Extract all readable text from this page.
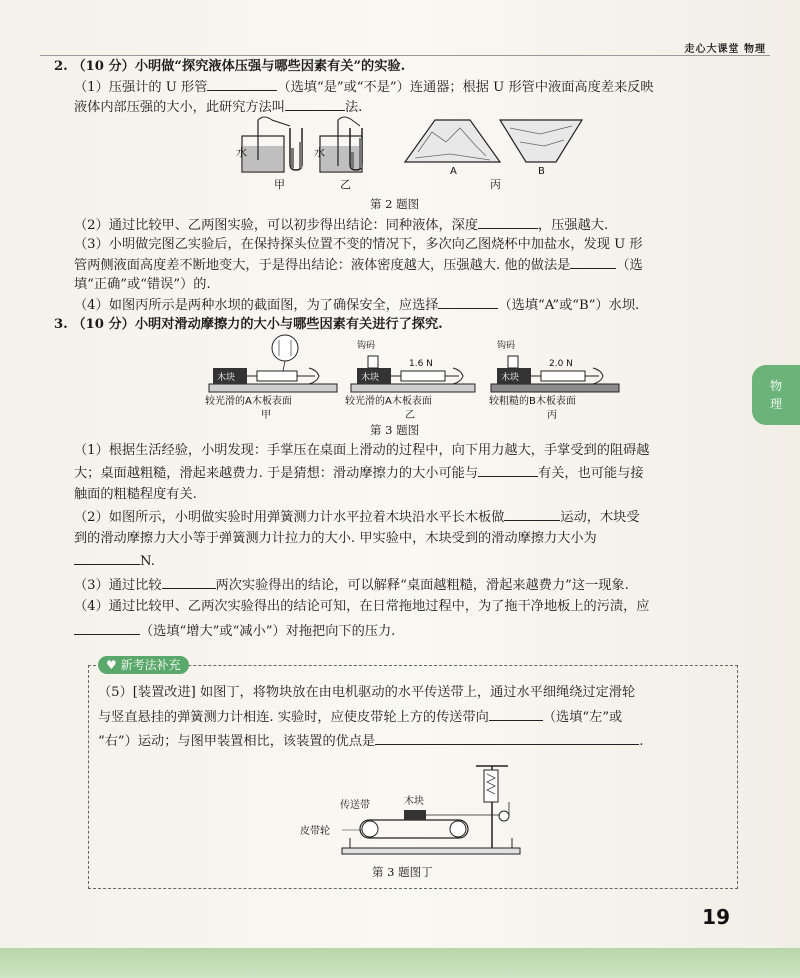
走心大课堂 物理
物
理
2. （10 分）小明做“探究液体压强与哪些因素有关”的实验.
（1）压强计的 U 形管	（选填“是”或“不是”）连通器；根据 U 形管中液面高度差来反映
液体内部压强的大小，此研究方法叫	法.
水	水
甲	乙
A	B
丙
第 2 题图
（2）通过比较甲、乙两图实验，可以初步得出结论：同种液体，深度	，压强越大.
（3）小明做完图乙实验后，在保持探头位置不变的情况下，多次向乙图烧杯中加盐水，发现 U 形
管两侧液面高度差不断地变大，于是得出结论：液体密度越大，压强越大. 他的做法是	（选
填“正确”或“错误”）的.
（4）如图丙所示是两种水坝的截面图，为了确保安全，应选择	（选填“A”或“B”）水坝.
3. （10 分）小明对滑动摩擦力的大小与哪些因素有关进行了探究.
木块	木块
钩码
1.6 N
木块
钩码
2.0 N
较光滑的A木板表面	较光滑的A木板表面	较粗糙的B木板表面
甲	乙	丙
第 3 题图
（1）根据生活经验，小明发现：手掌压在桌面上滑动的过程中，向下用力越大，手掌受到的阻碍越
大；桌面越粗糙，滑起来越费力. 于是猜想：滑动摩擦力的大小可能与	有关，也可能与接
触面的粗糙程度有关.
（2）如图所示，小明做实验时用弹簧测力计水平拉着木块沿水平长木板做	运动，木块受
到的滑动摩擦力大小等于弹簧测力计拉力的大小. 甲实验中，木块受到的滑动摩擦力大小为
N.
（3）通过比较	两次实验得出的结论，可以解释“桌面越粗糙，滑起来越费力”这一现象.
（4）通过比较甲、乙两次实验得出的结论可知，在日常拖地过程中，为了拖干净地板上的污渍，应
（选填“增大”或“减小”）对拖把向下的压力.
♥ 新考法补充
（5）[装置改进] 如图丁，将物块放在由电机驱动的水平传送带上，通过水平细绳绕过定滑轮
与竖直悬挂的弹簧测力计相连. 实验时，应使皮带轮上方的传送带向	（选填“左”或
“右”）运动；与图甲装置相比，该装置的优点是	.
传送带	木块
皮带轮
第 3 题图丁
19
